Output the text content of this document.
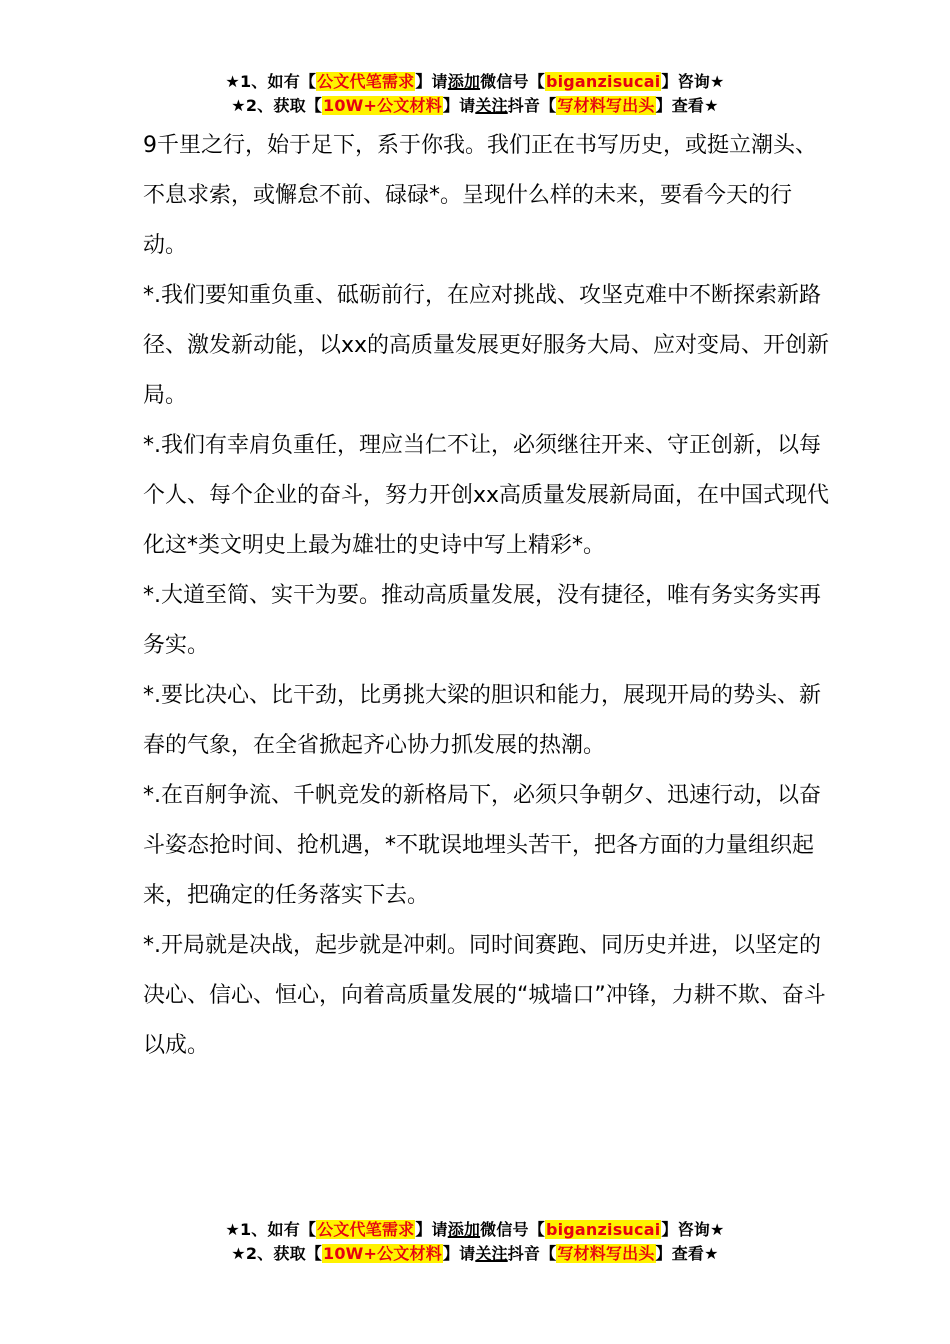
★1、如有【公文代笔需求】请添加微信号【biganzisucai】咨询★
★2、获取【10W+公文材料】请关注抖音【写材料写出头】查看★

9千里之行，始于足下，系于你我。我们正在书写历史，或挺立潮头、不息求索，或懈怠不前、碌碌*。呈现什么样的未来，要看今天的行动。

*.我们要知重负重、砥砺前行，在应对挑战、攻坚克难中不断探索新路径、激发新动能，以xx的高质量发展更好服务大局、应对变局、开创新局。

*.我们有幸肩负重任，理应当仁不让，必须继往开来、守正创新，以每个人、每个企业的奋斗，努力开创xx高质量发展新局面，在中国式现代化这*类文明史上最为雄壮的史诗中写上精彩*。

*.大道至简、实干为要。推动高质量发展，没有捷径，唯有务实务实再务实。

*.要比决心、比干劲，比勇挑大梁的胆识和能力，展现开局的势头、新春的气象，在全省掀起齐心协力抓发展的热潮。

*.在百舸争流、千帆竞发的新格局下，必须只争朝夕、迅速行动，以奋斗姿态抢时间、抢机遇，*不耽误地埋头苦干，把各方面的力量组织起来，把确定的任务落实下去。

*.开局就是决战，起步就是冲刺。同时间赛跑、同历史并进，以坚定的决心、信心、恒心，向着高质量发展的“城墙口”冲锋，力耕不欺、奋斗以成。

★1、如有【公文代笔需求】请添加微信号【biganzisucai】咨询★
★2、获取【10W+公文材料】请关注抖音【写材料写出头】查看★
